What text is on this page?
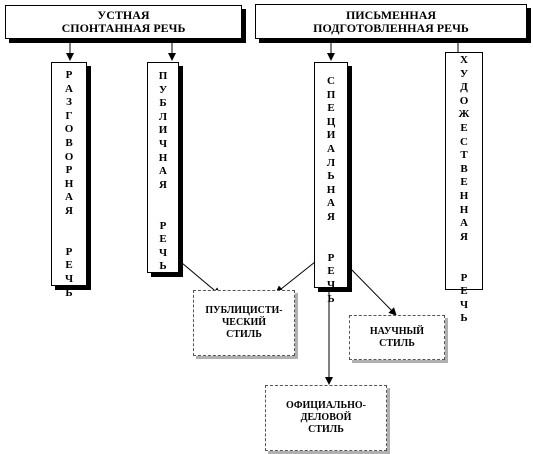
УСТНАЯ
СПОНТАННАЯ РЕЧЬ
ПИСЬМЕННАЯ
ПОДГОТОВЛЕННАЯ РЕЧЬ
Р
А
З
Г
О
В
О
Р
Н
А
Я

Р
Е
Ч
Ь
П
У
Б
Л
И
Ч
Н
А
Я

Р
Е
Ч
Ь
С
П
Е
Ц
И
А
Л
Ь
Н
А
Я

Р
Е
Ч
Ь
Х
У
Д
О
Ж
Е
С
Т
В
Е
Н
Н
А
Я

Р
Е
Ч
Ь
ПУБЛИЦИСТИ-
ЧЕСКИЙ
СТИЛЬ	НАУЧНЫЙ
СТИЛЬ
ОФИЦИАЛЬНО-
ДЕЛОВОЙ
СТИЛЬ
